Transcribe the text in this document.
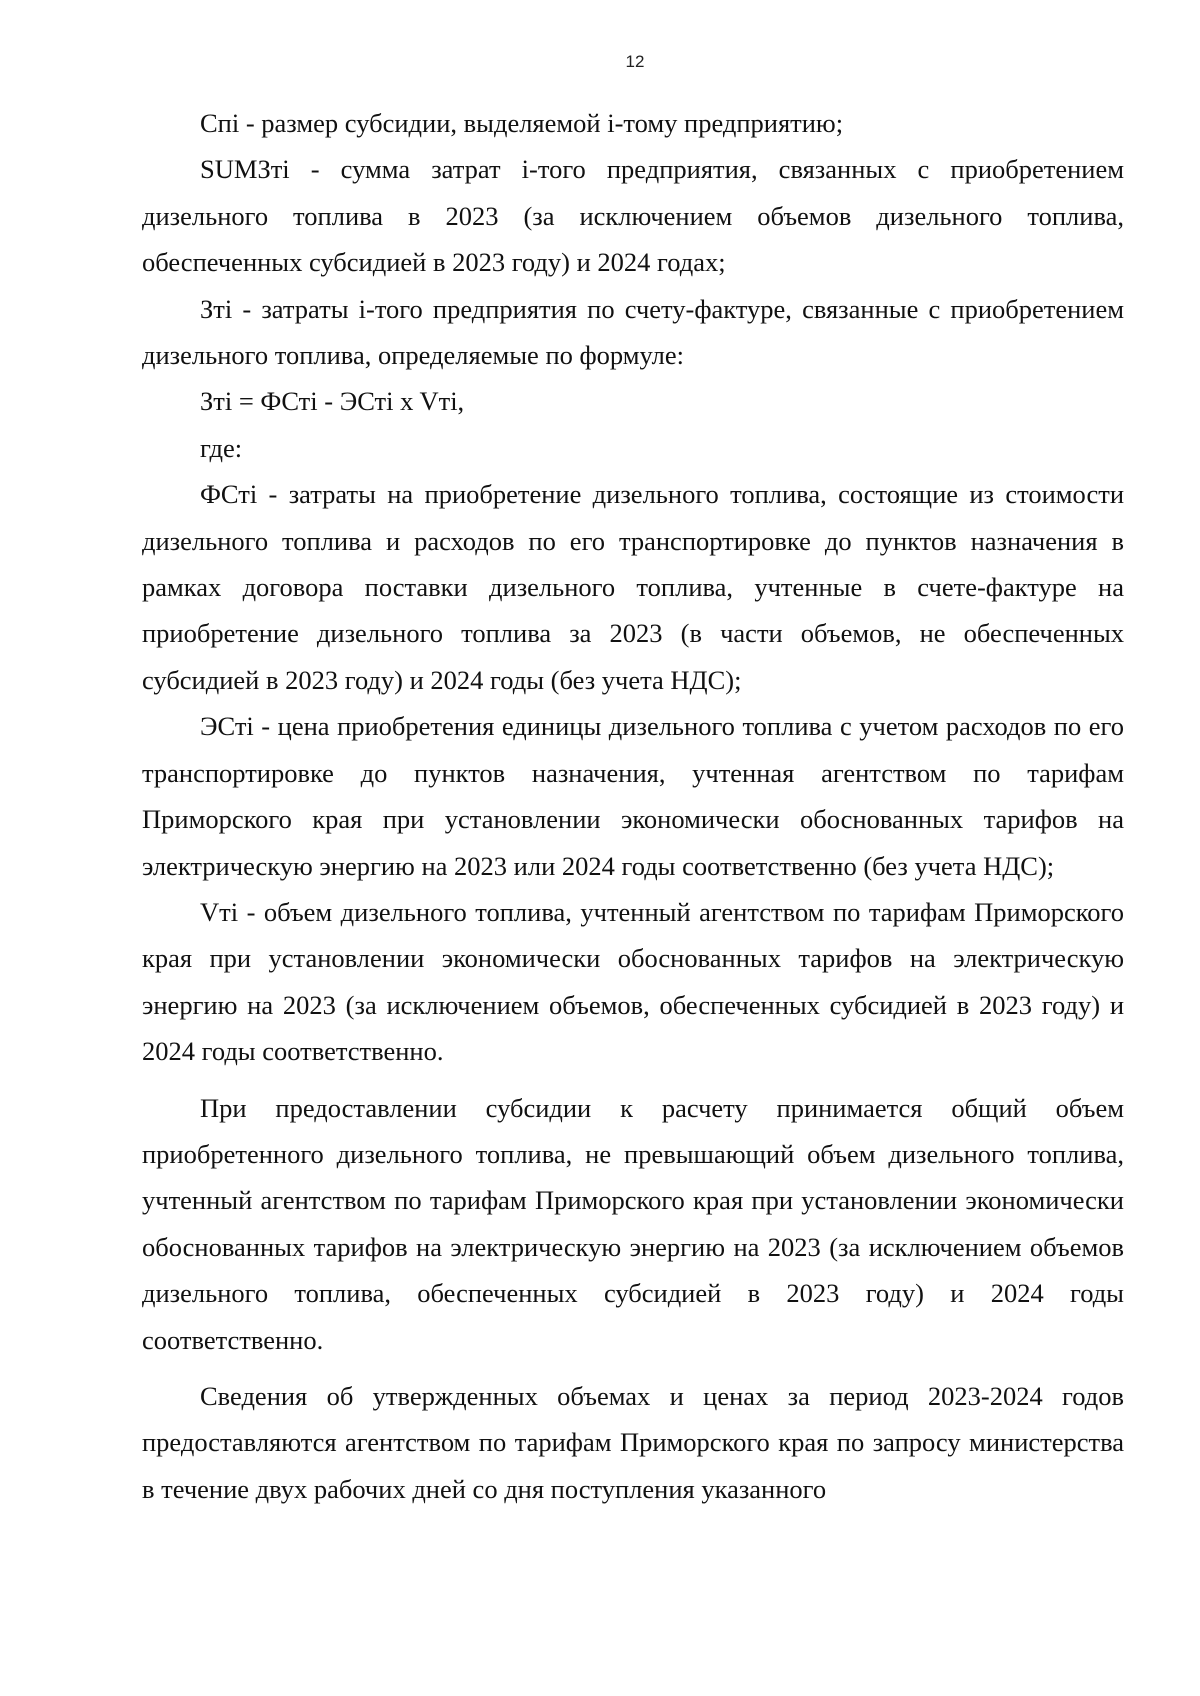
12

Cпi - размер субсидии, выделяемой i-тому предприятию;

SUMЗтi - сумма затрат i-того предприятия, связанных с приобретением дизельного топлива в 2023 (за исключением объемов дизельного топлива, обеспеченных субсидией в 2023 году) и 2024 годах;

Зтi - затраты i-того предприятия по счету-фактуре, связанные с приобретением дизельного топлива, определяемые по формуле:

Зтi = ФСтi - ЭСтi x Vтi,

где:

ФСтi - затраты на приобретение дизельного топлива, состоящие из стоимости дизельного топлива и расходов по его транспортировке до пунктов назначения в рамках договора поставки дизельного топлива, учтенные в счете-фактуре на приобретение дизельного топлива за 2023 (в части объемов, не обеспеченных субсидией в 2023 году) и 2024 годы (без учета НДС);

ЭСтi - цена приобретения единицы дизельного топлива с учетом расходов по его транспортировке до пунктов назначения, учтенная агентством по тарифам Приморского края при установлении экономически обоснованных тарифов на электрическую энергию на 2023 или 2024 годы соответственно (без учета НДС);

Vтi - объем дизельного топлива, учтенный агентством по тарифам Приморского края при установлении экономически обоснованных тарифов на электрическую энергию на 2023 (за исключением объемов, обеспеченных субсидией в 2023 году) и 2024 годы соответственно.

При предоставлении субсидии к расчету принимается общий объем приобретенного дизельного топлива, не превышающий объем дизельного топлива, учтенный агентством по тарифам Приморского края при установлении экономически обоснованных тарифов на электрическую энергию на 2023 (за исключением объемов дизельного топлива, обеспеченных субсидией в 2023 году) и 2024 годы соответственно.

Сведения об утвержденных объемах и ценах за период 2023-2024 годов предоставляются агентством по тарифам Приморского края по запросу министерства в течение двух рабочих дней со дня поступления указанного
